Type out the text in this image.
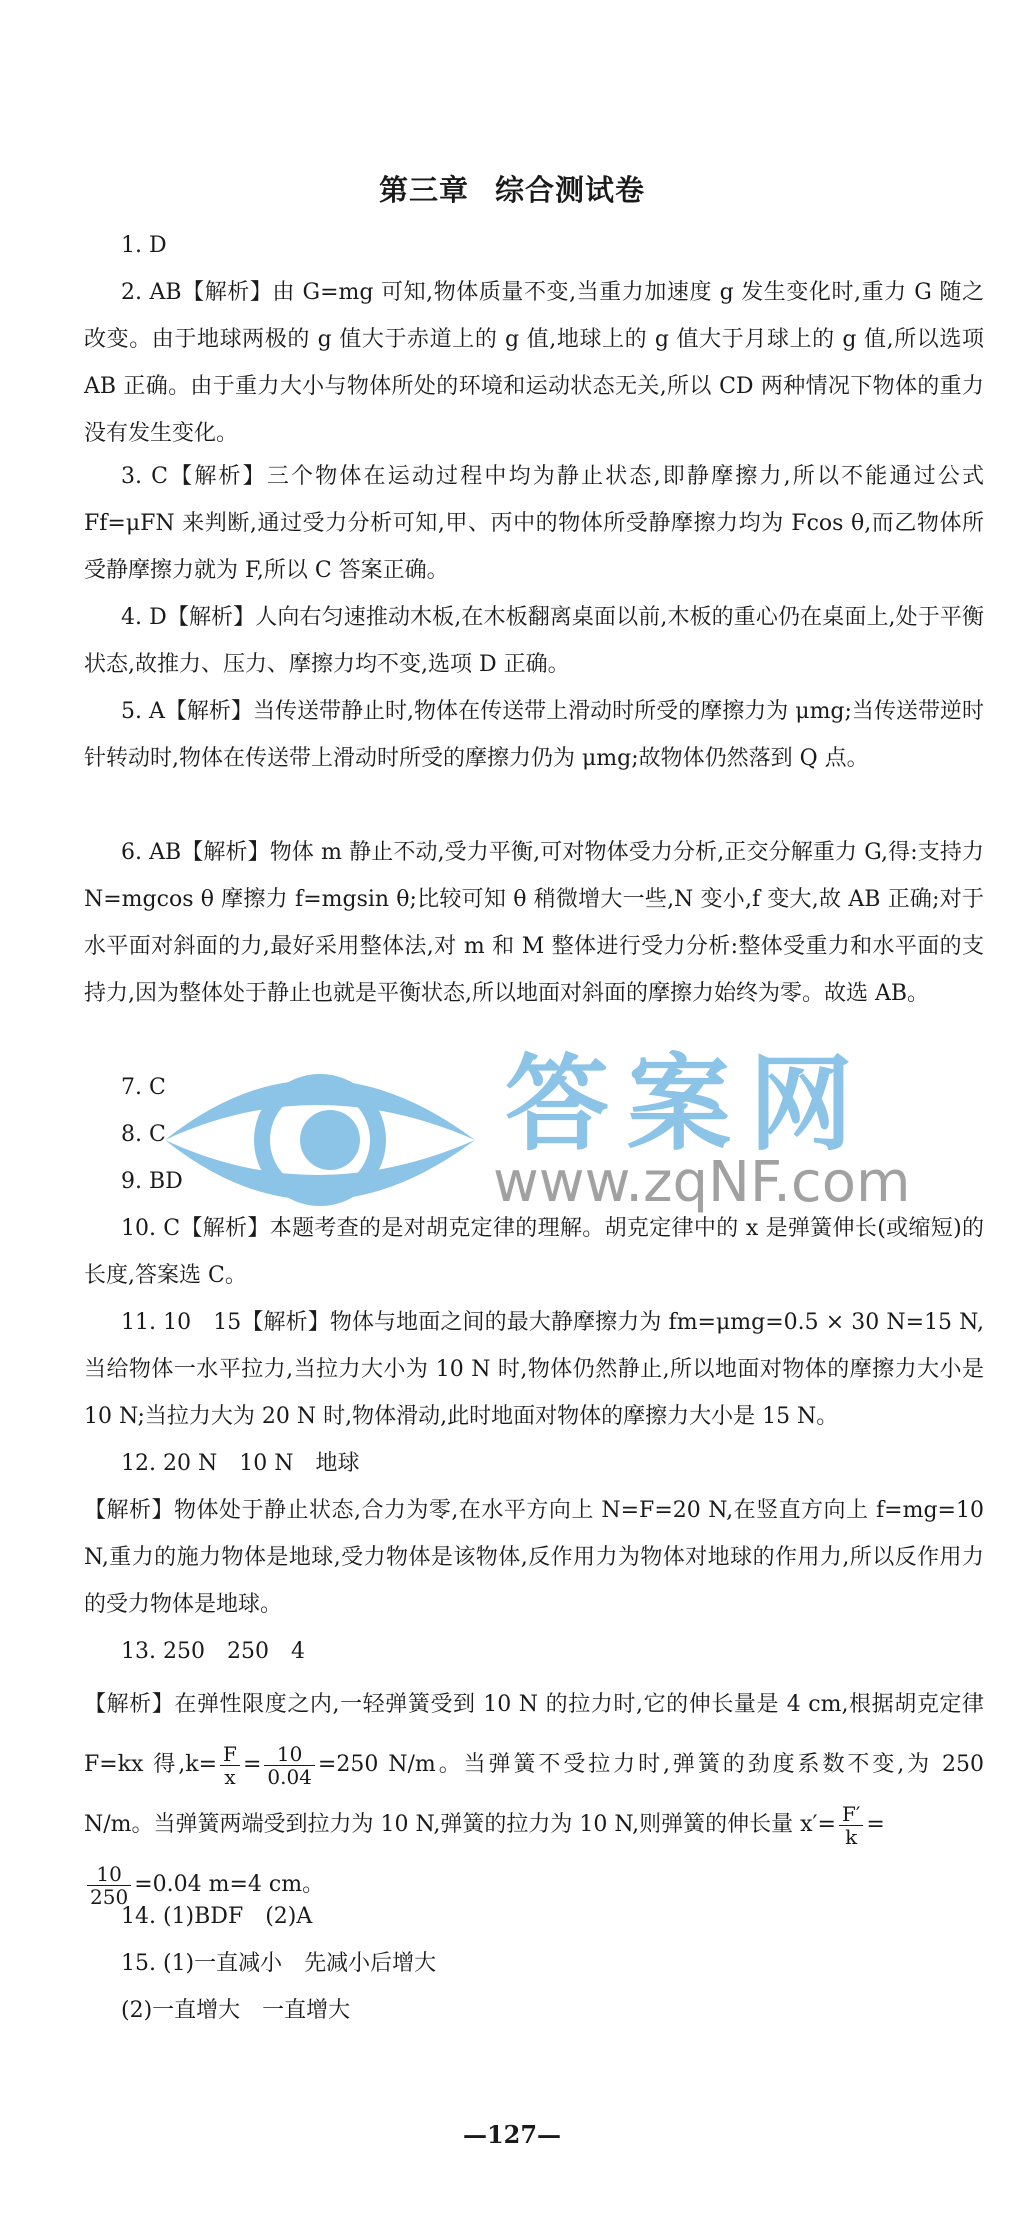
第三章 综合测试卷
1. D
2. AB【解析】由 G=mg 可知,物体质量不变,当重力加速度 g 发生变化时,重力 G 随之改变。由于地球两极的 g 值大于赤道上的 g 值,地球上的 g 值大于月球上的 g 值,所以选项 AB 正确。由于重力大小与物体所处的环境和运动状态无关,所以 CD 两种情况下物体的重力没有发生变化。
3. C【解析】三个物体在运动过程中均为静止状态,即静摩擦力,所以不能通过公式 Ff=μFN 来判断,通过受力分析可知,甲、丙中的物体所受静摩擦力均为 Fcos θ,而乙物体所受静摩擦力就为 F,所以 C 答案正确。
4. D【解析】人向右匀速推动木板,在木板翻离桌面以前,木板的重心仍在桌面上,处于平衡状态,故推力、压力、摩擦力均不变,选项 D 正确。
5. A【解析】当传送带静止时,物体在传送带上滑动时所受的摩擦力为 μmg;当传送带逆时针转动时,物体在传送带上滑动时所受的摩擦力仍为 μmg;故物体仍然落到 Q 点。
6. AB【解析】物体 m 静止不动,受力平衡,可对物体受力分析,正交分解重力 G,得:支持力 N=mgcos θ 摩擦力 f=mgsin θ;比较可知 θ 稍微增大一些,N 变小,f 变大,故 AB 正确;对于水平面对斜面的力,最好采用整体法,对 m 和 M 整体进行受力分析:整体受重力和水平面的支持力,因为整体处于静止也就是平衡状态,所以地面对斜面的摩擦力始终为零。故选 AB。
7. C
8. C
9. BD
10. C【解析】本题考查的是对胡克定律的理解。胡克定律中的 x 是弹簧伸长(或缩短)的长度,答案选 C。
11. 10　15【解析】物体与地面之间的最大静摩擦力为 fm=μmg=0.5 × 30 N=15 N,当给物体一水平拉力,当拉力大小为 10 N 时,物体仍然静止,所以地面对物体的摩擦力大小是 10 N;当拉力大为 20 N 时,物体滑动,此时地面对物体的摩擦力大小是 15 N。
12. 20 N　10 N　地球
【解析】物体处于静止状态,合力为零,在水平方向上 N=F=20 N,在竖直方向上 f=mg=10 N,重力的施力物体是地球,受力物体是该物体,反作用力为物体对地球的作用力,所以反作用力的受力物体是地球。
13. 250　250　4
【解析】在弹性限度之内,一轻弹簧受到 10 N 的拉力时,它的伸长量是 4 cm,根据胡克定律 F=kx 得$,k= \frac{F}{x} = \frac{10}{0.04} =250$ N/m。当弹簧不受拉力时,弹簧的劲度系数不变,为 250 N/m。当弹簧两端受到拉力为 10 N,弹簧的拉力为 10 N,则弹簧的伸长量 $x'= \frac{F'}{k}$ =

$\frac{10}{250} =0.04$ m=4 cm。
14. (1)BDF　(2)A
15. (1)一直减小　先减小后增大
(2)一直增大　一直增大
—127—
答案网
www.zqNF.com
